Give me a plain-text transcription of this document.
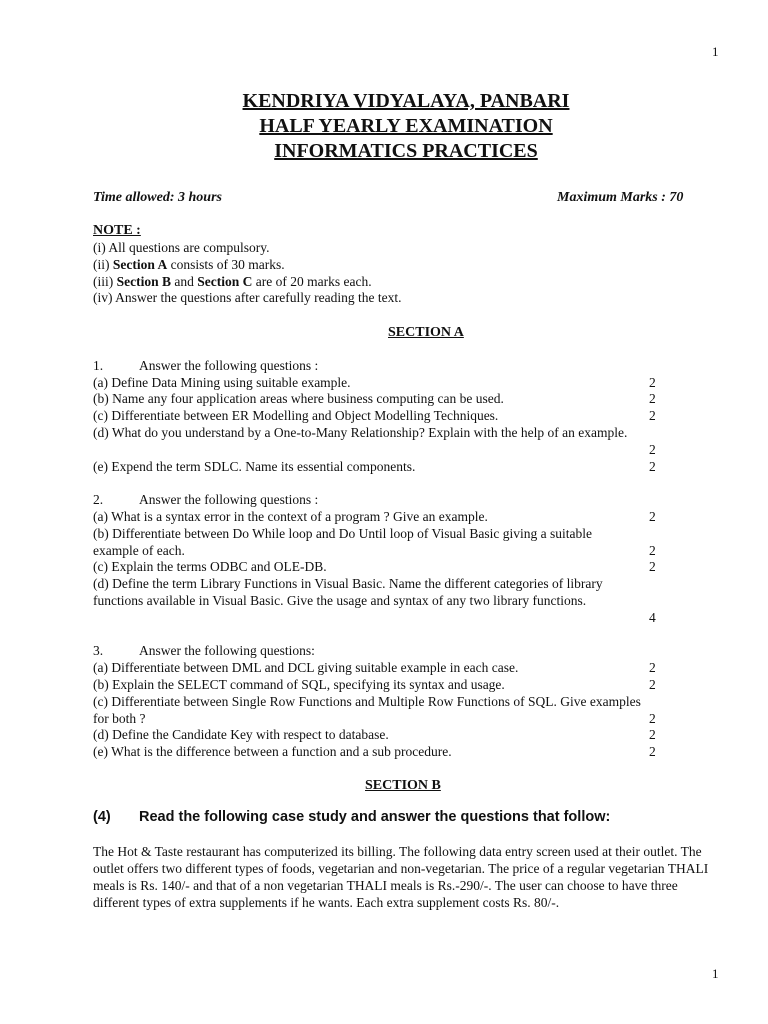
1
KENDRIYA VIDYALAYA, PANBARI
HALF YEARLY EXAMINATION
INFORMATICS PRACTICES
Time allowed: 3 hours	Maximum Marks : 70
NOTE :
(i) All questions are compulsory.
(ii) Section A consists of 30 marks.
(iii) Section B and Section C are of 20 marks each.
(iv) Answer the questions after carefully reading the text.
SECTION A
1.	Answer the following questions :
(a) Define Data Mining using suitable example.	2
(b) Name any four application areas where business computing can be used.	2
(c) Differentiate between ER Modelling and Object Modelling Techniques.	2
(d) What do you understand by a One-to-Many Relationship? Explain with the help of an example.
2
(e) Expend the term SDLC. Name its essential components.	2
2.	Answer the following questions :
(a) What is a syntax error in the context of a program ? Give an example.	2
(b) Differentiate between Do While loop and Do Until loop of Visual Basic giving a suitable
example of each.	2
(c) Explain the terms ODBC and OLE-DB.	2
(d) Define the term Library Functions in Visual Basic. Name the different categories of library
functions available in Visual Basic. Give the usage and syntax of any two library functions.
4
3.	Answer the following questions:
(a) Differentiate between DML and DCL giving suitable example in each case.	2
(b) Explain the SELECT command of SQL, specifying its syntax and usage.	2
(c) Differentiate between Single Row Functions and Multiple Row Functions of SQL. Give examples
for both ?	2
(d) Define the Candidate Key with respect to database.	2
(e) What is the difference between a function and a sub procedure.	2
SECTION B
(4) Read the following case study and answer the questions that follow:
The Hot & Taste restaurant has computerized its billing. The following data entry screen used at their outlet. The outlet offers two different types of foods, vegetarian and non-vegetarian. The price of a regular vegetarian THALI meals is Rs. 140/- and that of a non vegetarian THALI meals is Rs.-290/-. The user can choose to have three different types of extra supplements if he wants. Each extra supplement costs Rs. 80/-.
1
